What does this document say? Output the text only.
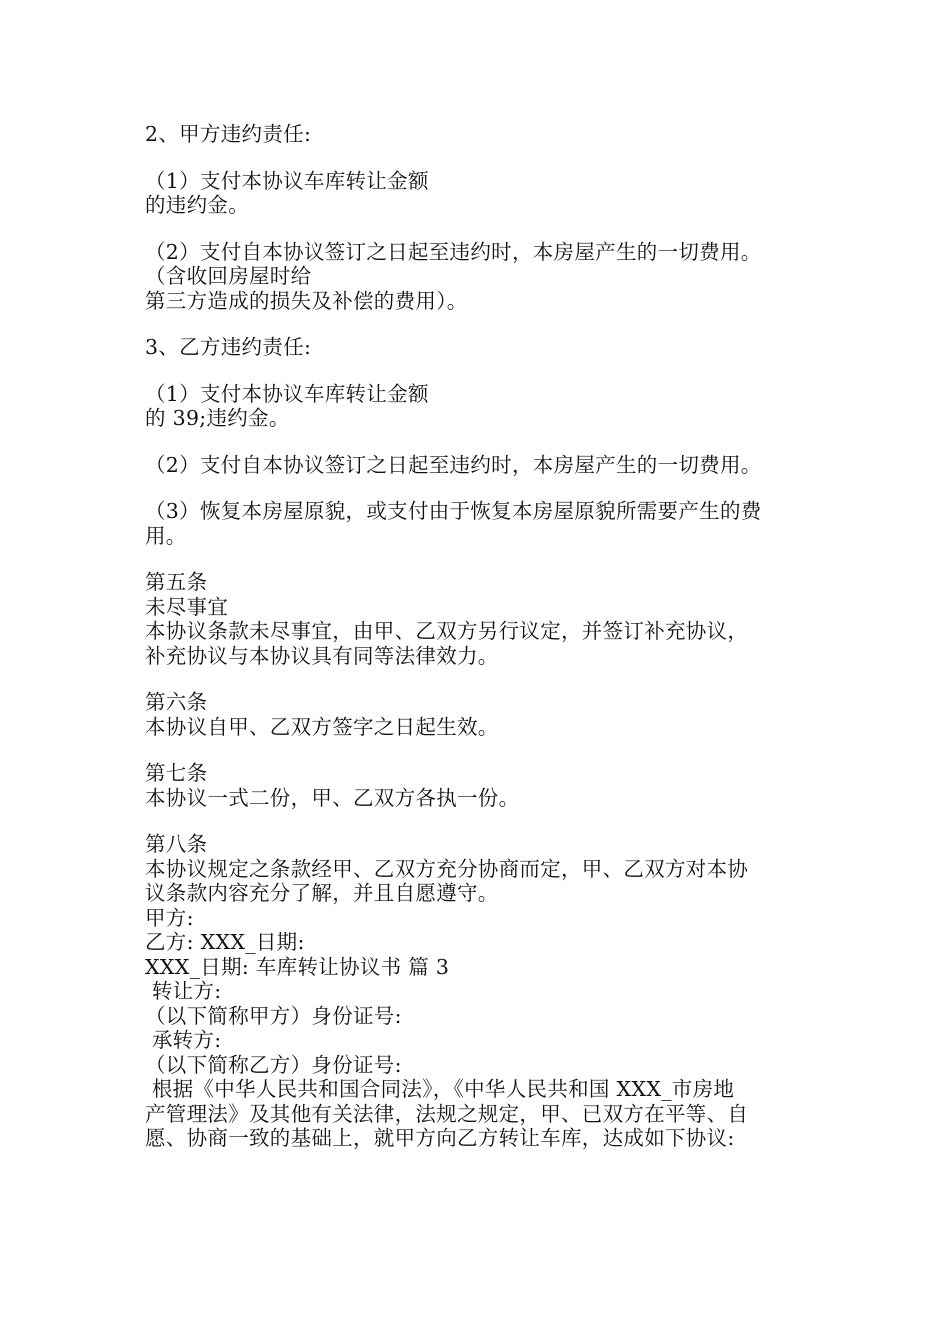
2、甲方违约责任:
（1）支付本协议车库转让金额
的违约金。
（2）支付自本协议签订之日起至违约时，本房屋产生的一切费用。
（含收回房屋时给
第三方造成的损失及补偿的费用）。
3、乙方违约责任:
（1）支付本协议车库转让金额
的 39;违约金。
（2）支付自本协议签订之日起至违约时，本房屋产生的一切费用。
（3）恢复本房屋原貌，或支付由于恢复本房屋原貌所需要产生的费
用。
第五条
未尽事宜
本协议条款未尽事宜，由甲、乙双方另行议定，并签订补充协议，
补充协议与本协议具有同等法律效力。
第六条
本协议自甲、乙双方签字之日起生效。
第七条
本协议一式二份，甲、乙双方各执一份。
第八条
本协议规定之条款经甲、乙双方充分协商而定，甲、乙双方对本协
议条款内容充分了解，并且自愿遵守。
甲方:
乙方: XXX_日期:
XXX_日期: 车库转让协议书 篇 3
转让方:
（以下简称甲方）身份证号:
承转方:
（以下简称乙方）身份证号:
根据《中华人民共和国合同法》，《中华人民共和国 XXX_市房地
产管理法》及其他有关法律，法规之规定，甲、已双方在平等、自
愿、协商一致的基础上，就甲方向乙方转让车库，达成如下协议:
